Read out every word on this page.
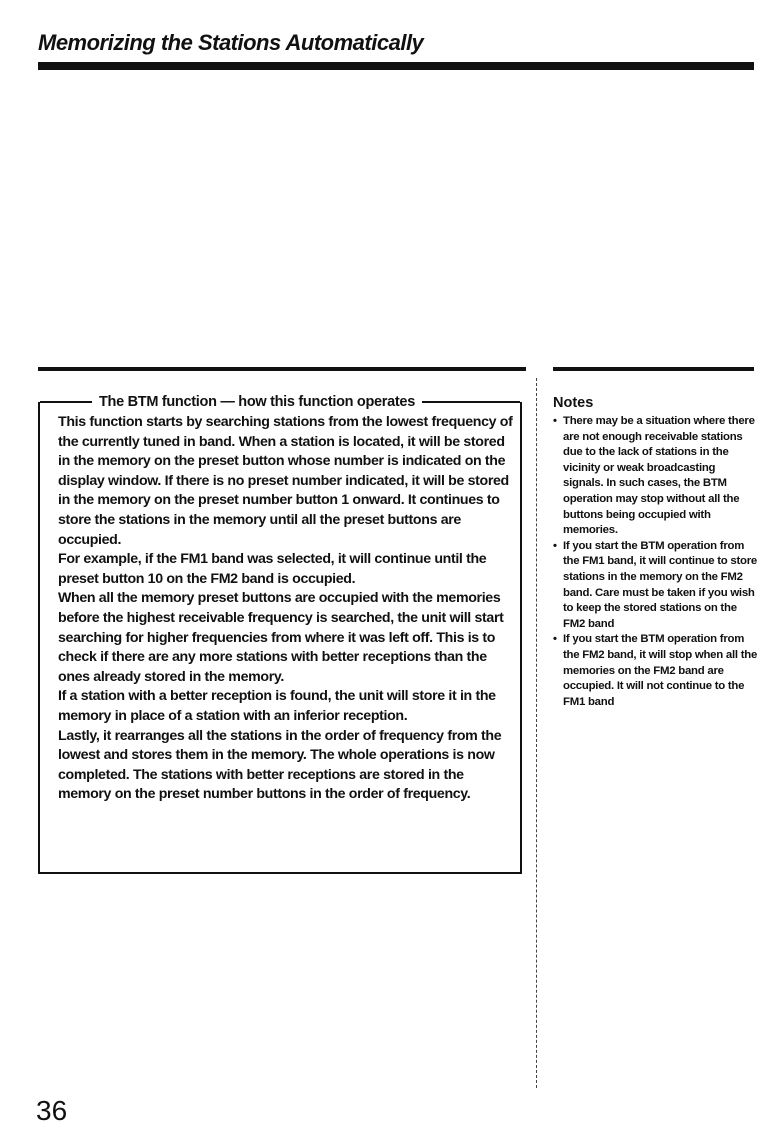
Memorizing the Stations Automatically
The BTM function — how this function operates

This function starts by searching stations from the lowest frequency of the currently tuned in band. When a station is located, it will be stored in the memory on the preset button whose number is indicated on the display window. If there is no preset number indicated, it will be stored in the memory on the preset number button 1 onward. It continues to store the stations in the memory until all the preset buttons are occupied.

For example, if the FM1 band was selected, it will continue until the preset button 10 on the FM2 band is occupied.

When all the memory preset buttons are occupied with the memories before the highest receivable frequency is searched, the unit will start searching for higher frequencies from where it was left off. This is to check if there are any more stations with better receptions than the ones already stored in the memory.

If a station with a better reception is found, the unit will store it in the memory in place of a station with an inferior reception.

Lastly, it rearranges all the stations in the order of frequency from the lowest and stores them in the memory. The whole operations is now completed. The stations with better receptions are stored in the memory on the preset number buttons in the order of frequency.

Notes
• There may be a situation where there are not enough receivable stations due to the lack of stations in the vicinity or weak broadcasting signals. In such cases, the BTM operation may stop without all the buttons being occupied with memories.
• If you start the BTM operation from the FM1 band, it will continue to store stations in the memory on the FM2 band. Care must be taken if you wish to keep the stored stations on the FM2 band
• If you start the BTM operation from the FM2 band, it will stop when all the memories on the FM2 band are occupied. It will not continue to the FM1 band
36
